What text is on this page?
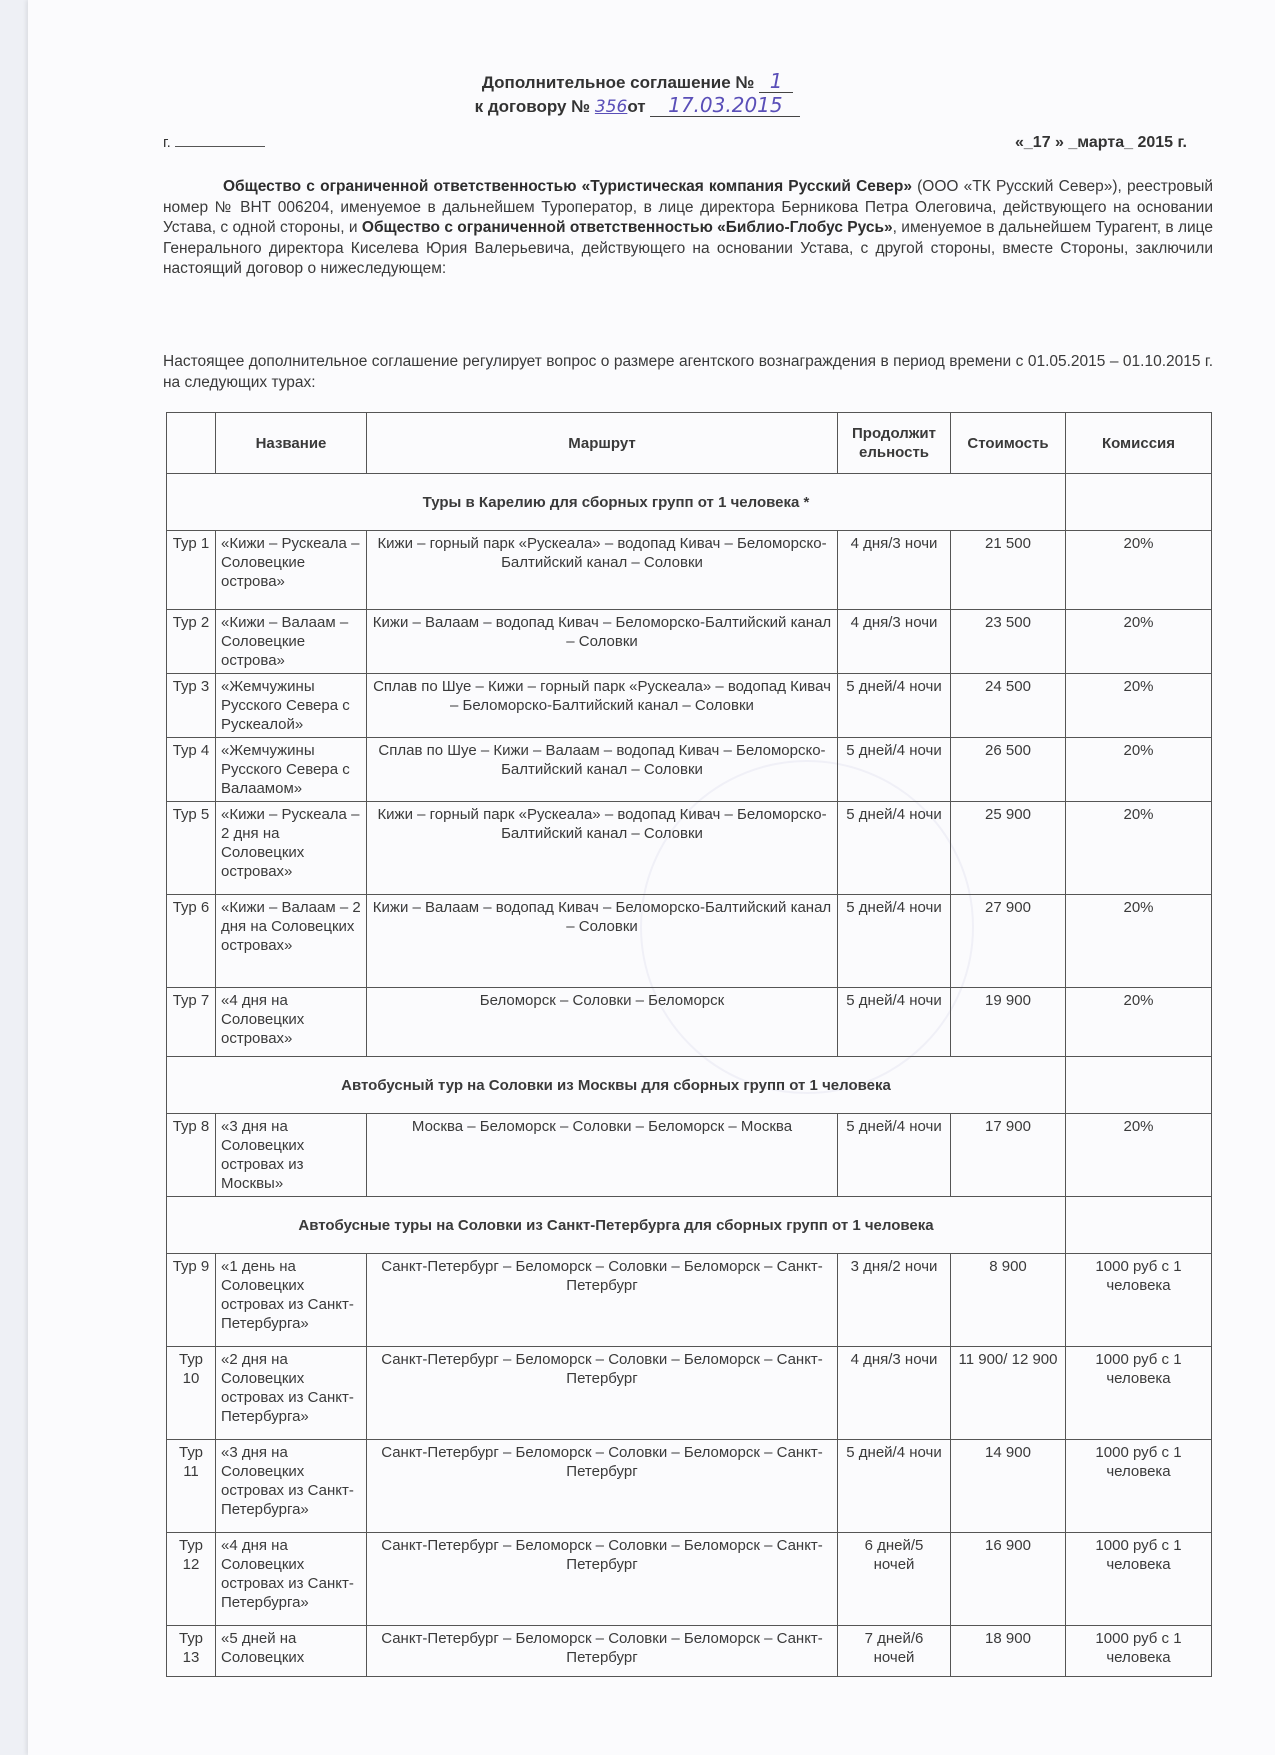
Дополнительное соглашение № 1
к договору № 356от 17.03.2015
г.	«_17 » _марта_ 2015 г.
Общество с ограниченной ответственностью «Туристическая компания Русский Север» (ООО «ТК Русский Север»), реестровый номер № ВНТ 006204, именуемое в дальнейшем Туроператор, в лице директора Берникова Петра Олеговича, действующего на основании Устава, с одной стороны, и Общество с ограниченной ответственностью «Библио-Глобус Русь», именуемое в дальнейшем Турагент, в лице Генерального директора Киселева Юрия Валерьевича, действующего на основании Устава, с другой стороны, вместе Стороны, заключили настоящий договор о нижеследующем:
Настоящее дополнительное соглашение регулирует вопрос о размере агентского вознаграждения в период времени с 01.05.2015 – 01.10.2015 г. на следующих турах:
	Название	Маршрут	Продолжит ельность	Стоимость	Комиссия
Туры в Карелию для сборных групп от 1 человека *					
Тур 1	«Кижи – Рускеала – Соловецкие острова»	Кижи – горный парк «Рускеала» – водопад Кивач – Беломорско-Балтийский канал – Соловки	4 дня/3 ночи	21 500	20%
Тур 2	«Кижи – Валаам – Соловецкие острова»	Кижи – Валаам – водопад Кивач – Беломорско-Балтийский канал – Соловки	4 дня/3 ночи	23 500	20%
Тур 3	«Жемчужины Русского Севера с Рускеалой»	Сплав по Шуе – Кижи – горный парк «Рускеала» – водопад Кивач – Беломорско-Балтийский канал – Соловки	5 дней/4 ночи	24 500	20%
Тур 4	«Жемчужины Русского Севера с Валаамом»	Сплав по Шуе – Кижи – Валаам – водопад Кивач – Беломорско-Балтийский канал – Соловки	5 дней/4 ночи	26 500	20%
Тур 5	«Кижи – Рускеала – 2 дня на Соловецких островах»	Кижи – горный парк «Рускеала» – водопад Кивач – Беломорско-Балтийский канал – Соловки	5 дней/4 ночи	25 900	20%
Тур 6	«Кижи – Валаам – 2 дня на Соловецких островах»	Кижи – Валаам – водопад Кивач – Беломорско-Балтийский канал – Соловки	5 дней/4 ночи	27 900	20%
Тур 7	«4 дня на Соловецких островах»	Беломорск – Соловки – Беломорск	5 дней/4 ночи	19 900	20%
Автобусный тур на Соловки из Москвы для сборных групп от 1 человека					
Тур 8	«3 дня на Соловецких островах из Москвы»	Москва – Беломорск – Соловки – Беломорск – Москва	5 дней/4 ночи	17 900	20%
Автобусные туры на Соловки из Санкт-Петербурга для сборных групп от 1 человека					
Тур 9	«1 день на Соловецких островах из Санкт-Петербурга»	Санкт-Петербург – Беломорск – Соловки – Беломорск – Санкт-Петербург	3 дня/2 ночи	8 900	1000 руб с 1 человека
Тур 10	«2 дня на Соловецких островах из Санкт-Петербурга»	Санкт-Петербург – Беломорск – Соловки – Беломорск – Санкт-Петербург	4 дня/3 ночи	11 900/ 12 900	1000 руб с 1 человека
Тур 11	«3 дня на Соловецких островах из Санкт-Петербурга»	Санкт-Петербург – Беломорск – Соловки – Беломорск – Санкт-Петербург	5 дней/4 ночи	14 900	1000 руб с 1 человека
Тур 12	«4 дня на Соловецких островах из Санкт-Петербурга»	Санкт-Петербург – Беломорск – Соловки – Беломорск – Санкт-Петербург	6 дней/5 ночей	16 900	1000 руб с 1 человека
Тур 13	«5 дней на Соловецких	Санкт-Петербург – Беломорск – Соловки – Беломорск – Санкт-Петербург	7 дней/6 ночей	18 900	1000 руб с 1 человека
